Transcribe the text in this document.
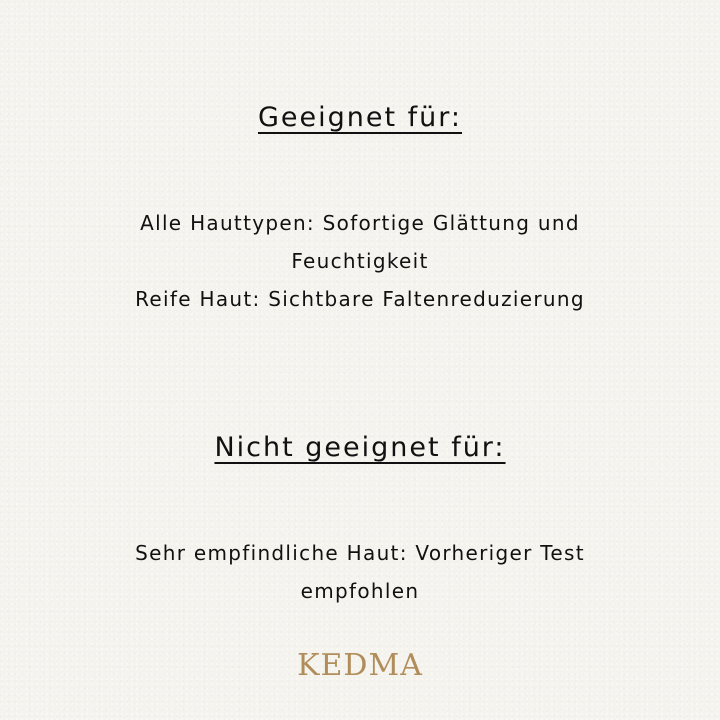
Geeignet für:

Alle Hauttypen: Sofortige Glättung und
Feuchtigkeit
Reife Haut: Sichtbare Faltenreduzierung

Nicht geeignet für:

Sehr empfindliche Haut: Vorheriger Test
empfohlen

KEDMA
